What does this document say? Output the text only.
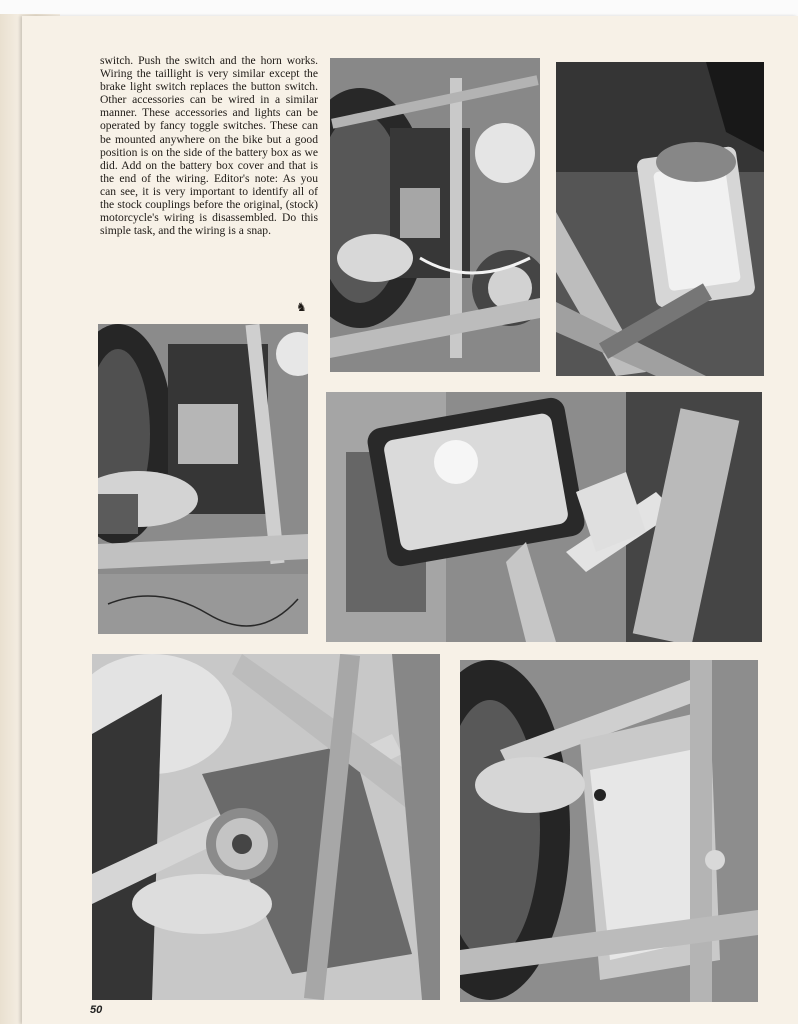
switch. Push the switch and the horn works. Wiring the taillight is very similar except the brake light switch replaces the button switch. Other accessories can be wired in a similar manner. These accessories and lights can be operated by fancy toggle switches. These can be mounted anywhere on the bike but a good position is on the side of the battery box as we did. Add on the battery box cover and that is the end of the wiring. Editor's note: As you can see, it is very important to identify all of the stock couplings before the original, (stock) motorcycle's wiring is disassembled. Do this simple task, and the wiring is a snap.

♞
50
